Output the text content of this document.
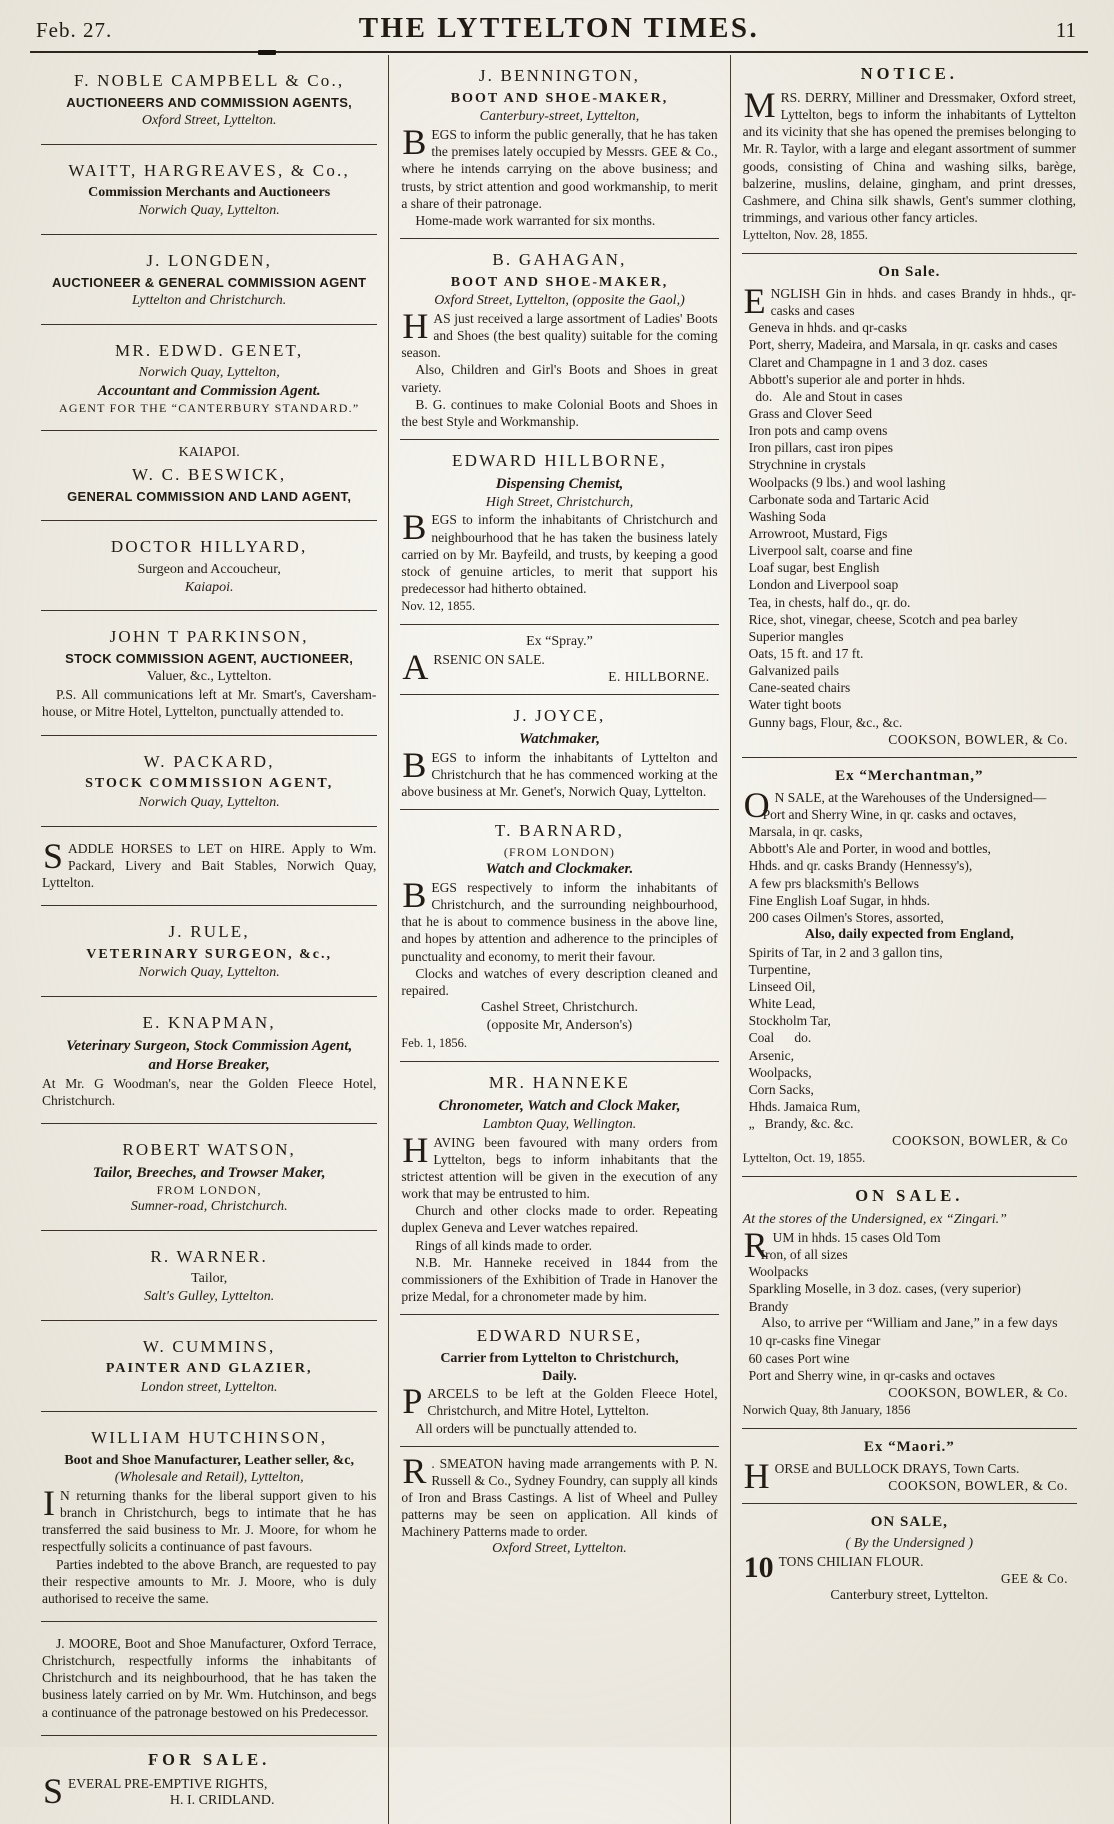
Feb. 27.	THE LYTTELTON TIMES.	11

F. NOBLE CAMPBELL & Co.,

AUCTIONEERS AND COMMISSION AGENTS,

Oxford Street, Lyttelton.

WAITT, HARGREAVES, & Co.,

Commission Merchants and Auctioneers

Norwich Quay, Lyttelton.

J. LONGDEN,

AUCTIONEER & GENERAL COMMISSION AGENT

Lyttelton and Christchurch.

MR. EDWD. GENET,

Norwich Quay, Lyttelton,

Accountant and Commission Agent.

AGENT FOR THE “CANTERBURY STANDARD.”

KAIAPOI.

W. C. BESWICK,

GENERAL COMMISSION AND LAND AGENT,

DOCTOR HILLYARD,

Surgeon and Accoucheur,

Kaiapoi.

JOHN T PARKINSON,

STOCK COMMISSION AGENT, AUCTIONEER,

Valuer, &c., Lyttelton.

P.S. All communications left at Mr. Smart's, Caversham-house, or Mitre Hotel, Lyttelton, punctually attended to.

W. PACKARD,

STOCK COMMISSION AGENT,

Norwich Quay, Lyttelton.

SADDLE HORSES to LET on HIRE. Apply to Wm. Packard, Livery and Bait Stables, Norwich Quay, Lyttelton.

J. RULE,

VETERINARY SURGEON, &c.,

Norwich Quay, Lyttelton.

E. KNAPMAN,

Veterinary Surgeon, Stock Commission Agent,

and Horse Breaker,

At Mr. G Woodman's, near the Golden Fleece Hotel, Christchurch.

ROBERT WATSON,

Tailor, Breeches, and Trowser Maker,

FROM LONDON,

Sumner-road, Christchurch.

R. WARNER.

Tailor,

Salt's Gulley, Lyttelton.

W. CUMMINS,

PAINTER AND GLAZIER,

London street, Lyttelton.

WILLIAM HUTCHINSON,

Boot and Shoe Manufacturer, Leather seller, &c,

(Wholesale and Retail), Lyttelton,

I N returning thanks for the liberal support given to his branch in Christchurch, begs to intimate that he has transferred the said business to Mr. J. Moore, for whom he respectfully solicits a continuance of past favours.

Parties indebted to the above Branch, are requested to pay their respective amounts to Mr. J. Moore, who is duly authorised to receive the same.

J. MOORE, Boot and Shoe Manufacturer, Oxford Terrace, Christchurch, respectfully informs the inhabitants of Christchurch and its neighbourhood, that he has taken the business lately carried on by Mr. Wm. Hutchinson, and begs a continuance of the patronage bestowed on his Predecessor.

FOR SALE.

SEVERAL PRE-EMPTIVE RIGHTS,

H. I. CRIDLAND.

J. BENNINGTON,

BOOT AND SHOE-MAKER,

Canterbury-street, Lyttelton,

BEGS to inform the public generally, that he has taken the premises lately occupied by Messrs. GEE & Co., where he intends carrying on the above business; and trusts, by strict attention and good workmanship, to merit a share of their patronage.

Home-made work warranted for six months.

B. GAHAGAN,

BOOT AND SHOE-MAKER,

Oxford Street, Lyttelton, (opposite the Gaol,)

HAS just received a large assortment of Ladies' Boots and Shoes (the best quality) suitable for the coming season.

Also, Children and Girl's Boots and Shoes in great variety.

B. G. continues to make Colonial Boots and Shoes in the best Style and Workmanship.

EDWARD HILLBORNE,

Dispensing Chemist,

High Street, Christchurch,

BEGS to inform the inhabitants of Christchurch and neighbourhood that he has taken the business lately carried on by Mr. Bayfeild, and trusts, by keeping a good stock of genuine articles, to merit that support his predecessor had hitherto obtained.

Nov. 12, 1855.

Ex “Spray.”

ARSENIC ON SALE.

E. HILLBORNE.

J. JOYCE,

Watchmaker,

BEGS to inform the inhabitants of Lyttelton and Christchurch that he has commenced working at the above business at Mr. Genet's, Norwich Quay, Lyttelton.

T. BARNARD,

(FROM LONDON)

Watch and Clockmaker.

BEGS respectively to inform the inhabitants of Christchurch, and the surrounding neighbourhood, that he is about to commence business in the above line, and hopes by attention and adherence to the principles of punctuality and economy, to merit their favour.

Clocks and watches of every description cleaned and repaired.

Cashel Street, Christchurch.

(opposite Mr, Anderson's)

Feb. 1, 1856.

MR. HANNEKE

Chronometer, Watch and Clock Maker,

Lambton Quay, Wellington.

HAVING been favoured with many orders from Lyttelton, begs to inform inhabitants that the strictest attention will be given in the execution of any work that may be entrusted to him.

Church and other clocks made to order. Repeating duplex Geneva and Lever watches repaired.

Rings of all kinds made to order.

N.B. Mr. Hanneke received in 1844 from the commissioners of the Exhibition of Trade in Hanover the prize Medal, for a chronometer made by him.

EDWARD NURSE,

Carrier from Lyttelton to Christchurch,

Daily.

PARCELS to be left at the Golden Fleece Hotel, Christchurch, and Mitre Hotel, Lyttelton.

All orders will be punctually attended to.

R . SMEATON having made arrangements with P. N. Russell & Co., Sydney Foundry, can supply all kinds of Iron and Brass Castings. A list of Wheel and Pulley patterns may be seen on application. All kinds of Machinery Patterns made to order.

Oxford Street, Lyttelton.

NOTICE.

MRS. DERRY, Milliner and Dressmaker, Oxford street, Lyttelton, begs to inform the inhabitants of Lyttelton and its vicinity that she has opened the premises belonging to Mr. R. Taylor, with a large and elegant assortment of summer goods, consisting of China and washing silks, barège, balzerine, muslins, delaine, gingham, and print dresses, Cashmere, and China silk shawls, Gent's summer clothing, trimmings, and various other fancy articles.

Lyttelton, Nov. 28, 1855.

On Sale.

ENGLISH Gin in hhds. and cases Brandy in hhds., qr-casks and cases

Geneva in hhds. and qr-casks

Port, sherry, Madeira, and Marsala, in qr. casks and cases

Claret and Champagne in 1 and 3 doz. cases

Abbott's superior ale and porter in hhds.

do.   Ale and Stout in cases

Grass and Clover Seed

Iron pots and camp ovens

Iron pillars, cast iron pipes

Strychnine in crystals

Woolpacks (9 lbs.) and wool lashing

Carbonate soda and Tartaric Acid

Washing Soda

Arrowroot, Mustard, Figs

Liverpool salt, coarse and fine

Loaf sugar, best English

London and Liverpool soap

Tea, in chests, half do., qr. do.

Rice, shot, vinegar, cheese, Scotch and pea barley

Superior mangles

Oats, 15 ft. and 17 ft.

Galvanized pails

Cane-seated chairs

Water tight boots

Gunny bags, Flour, &c., &c.

COOKSON, BOWLER, & Co.

Ex “Merchantman,”

O N SALE, at the Warehouses of the Undersigned—

Port and Sherry Wine, in qr. casks and octaves,

Marsala, in qr. casks,

Abbott's Ale and Porter, in wood and bottles,

Hhds. and qr. casks Brandy (Hennessy's),

A few prs blacksmith's Bellows

Fine English Loaf Sugar, in hhds.

200 cases Oilmen's Stores, assorted,

Also, daily expected from England,

Spirits of Tar, in 2 and 3 gallon tins,

Turpentine,

Linseed Oil,

White Lead,

Stockholm Tar,

Coal      do.

Arsenic,

Woolpacks,

Corn Sacks,

Hhds. Jamaica Rum,

„   Brandy, &c. &c.

COOKSON, BOWLER, & Co

Lyttelton, Oct. 19, 1855.

ON SALE.

At the stores of the Undersigned, ex “Zingari.”

RUM in hhds. 15 cases Old Tom

Iron, of all sizes

Woolpacks

Sparkling Moselle, in 3 doz. cases, (very superior)

Brandy

Also, to arrive per “William and Jane,” in a few days

10 qr-casks fine Vinegar

60 cases Port wine

Port and Sherry wine, in qr-casks and octaves

COOKSON, BOWLER, & Co.

Norwich Quay, 8th January, 1856

Ex “Maori.”

HORSE and BULLOCK DRAYS, Town Carts.

COOKSON, BOWLER, & Co.

ON SALE,

( By the Undersigned )

10 TONS CHILIAN FLOUR.

GEE & Co.

Canterbury street, Lyttelton.
